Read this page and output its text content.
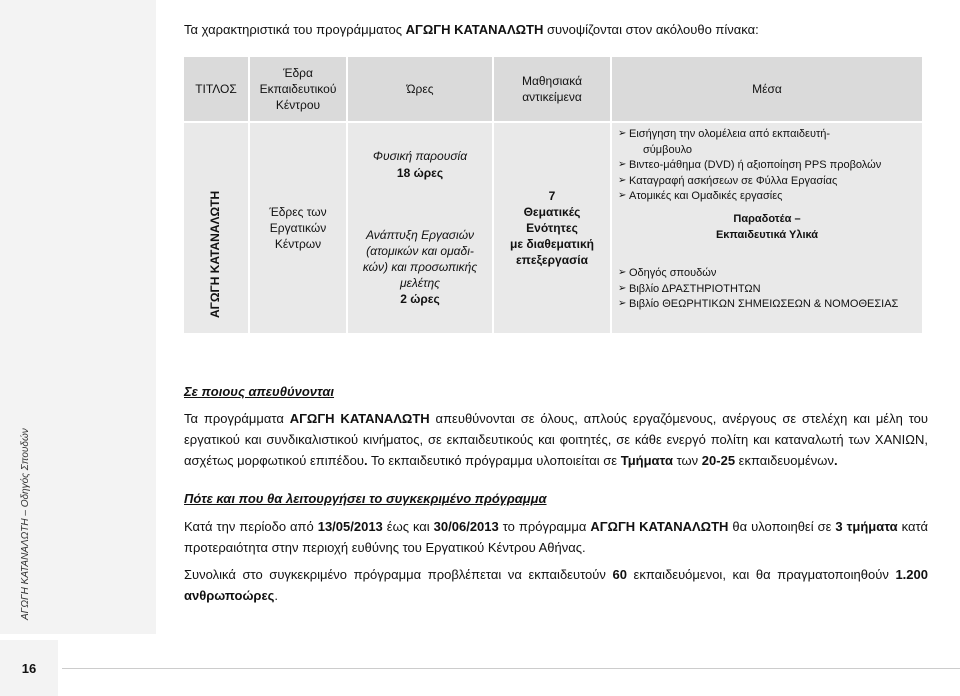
ΑΓΩΓΗ ΚΑΤΑΝΑΛΩΤΗ – Οδηγός Σπουδών
Τα χαρακτηριστικά του προγράμματος ΑΓΩΓΗ ΚΑΤΑΝΑΛΩΤΗ συνοψίζονται στον ακόλουθο πίνακα:
ΤΙΤΛΟΣ
Έδρα Εκπαιδευτικού Κέντρου
Ώρες
Μαθησιακά αντικείμενα
Μέσα
ΑΓΩΓΗ ΚΑΤΑΝΑΛΩΤΗ	Έδρες των Εργατικών Κέντρων
Φυσική παρουσία
18 ώρες
Ανάπτυξη Εργασιών
(ατομικών και ομαδι-
κών) και προσωπικής
μελέτης
2 ώρες
7
Θεματικές
Ενότητες
με διαθεματική
επεξεργασία
➢ Εισήγηση την ολομέλεια από εκπαιδευτή-
σύμβουλο
➢ Βιντεο-μάθημα (DVD) ή αξιοποίηση PPS προβολών
➢ Καταγραφή ασκήσεων σε Φύλλα Εργασίας
➢ Ατομικές και Ομαδικές εργασίες
Παραδοτέα –
Εκπαιδευτικά Υλικά
➢ Οδηγός σπουδών
➢ Βιβλίο ΔΡΑΣΤΗΡΙΟΤΗΤΩΝ
➢ Βιβλίο ΘΕΩΡΗΤΙΚΩΝ ΣΗΜΕΙΩΣΕΩΝ & ΝΟΜΟΘΕΣΙΑΣ
Σε ποιους απευθύνονται
Τα προγράμματα ΑΓΩΓΗ ΚΑΤΑΝΑΛΩΤΗ απευθύνονται σε όλους, απλούς εργαζόμενους, ανέργους σε στελέχη και μέλη του εργατικού και συνδικαλιστικού κινήματος, σε εκπαιδευτικούς και φοιτητές, σε κάθε ενεργό πολίτη και καταναλωτή των ΧΑΝΙΩΝ, ασχέτως μορφωτικού επιπέδου. Το εκπαιδευτικό πρόγραμμα υλοποιείται σε Τμήματα των 20-25 εκπαιδευομένων.
Πότε και που θα λειτουργήσει το συγκεκριμένο πρόγραμμα
Κατά την περίοδο από 13/05/2013 έως και 30/06/2013 το πρόγραμμα ΑΓΩΓΗ ΚΑΤΑΝΑΛΩΤΗ θα υλοποιηθεί σε 3 τμήματα κατά προτεραιότητα στην περιοχή ευθύνης του Εργατικού Κέντρου Αθήνας.
Συνολικά στο συγκεκριμένο πρόγραμμα προβλέπεται να εκπαιδευτούν 60 εκπαιδευόμενοι, και θα πραγματοποιηθούν 1.200 ανθρωποώρες.
16
